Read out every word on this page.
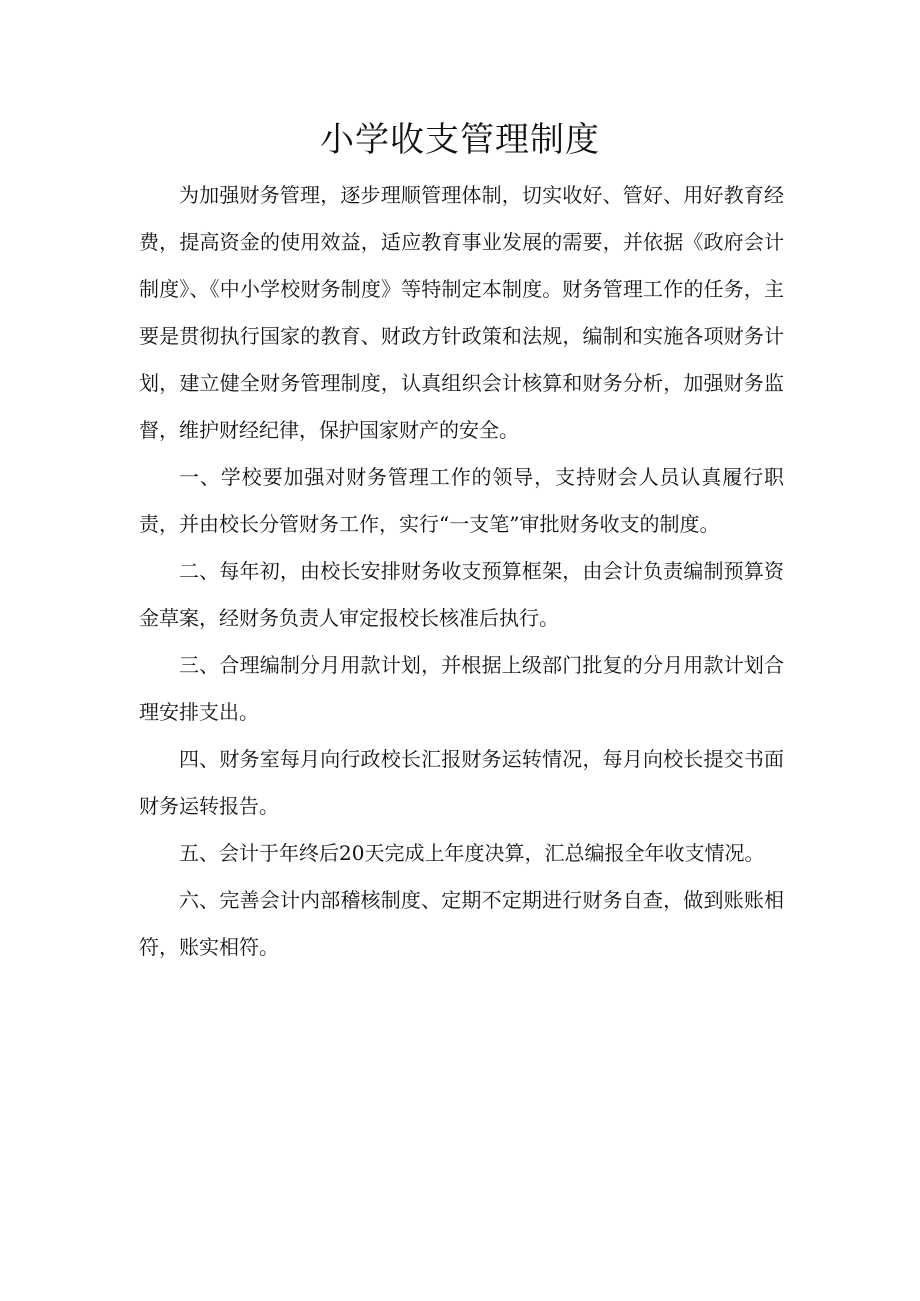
小学收支管理制度

为加强财务管理，逐步理顺管理体制，切实收好、管好、用好教育经费，提高资金的使用效益，适应教育事业发展的需要，并依据《政府会计制度》、《中小学校财务制度》等特制定本制度。财务管理工作的任务，主要是贯彻执行国家的教育、财政方针政策和法规，编制和实施各项财务计划，建立健全财务管理制度，认真组织会计核算和财务分析，加强财务监督，维护财经纪律，保护国家财产的安全。

一、学校要加强对财务管理工作的领导，支持财会人员认真履行职责，并由校长分管财务工作，实行“一支笔”审批财务收支的制度。

二、每年初，由校长安排财务收支预算框架，由会计负责编制预算资金草案，经财务负责人审定报校长核准后执行。

三、合理编制分月用款计划，并根据上级部门批复的分月用款计划合理安排支出。

四、财务室每月向行政校长汇报财务运转情况，每月向校长提交书面财务运转报告。

五、会计于年终后20天完成上年度决算，汇总编报全年收支情况。

六、完善会计内部稽核制度、定期不定期进行财务自查，做到账账相符，账实相符。
